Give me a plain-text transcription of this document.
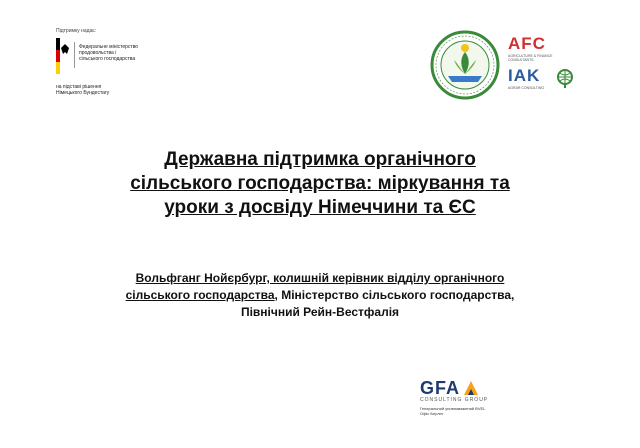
Підтримку надає:
Федеральне міністерство
продовольства і
сільського господарства
на підставі рішення
Німецького Бундестагу
AFC
AGRICULTURE & FINANCE CONSULTANTS
IAK
AGRAR CONSULTING
Державна підтримка органічного
сільського господарства: міркування та
уроки з досвіду Німеччини та ЄС
Вольфганг Нойєрбург, колишній керівник відділу органічного
сільського господарства, Міністерство сільського господарства,
Північний Рейн-Вестфалія
GFA
CONSULTING GROUP
Генеральний уповноважений BVEL
Офіс Берлін
